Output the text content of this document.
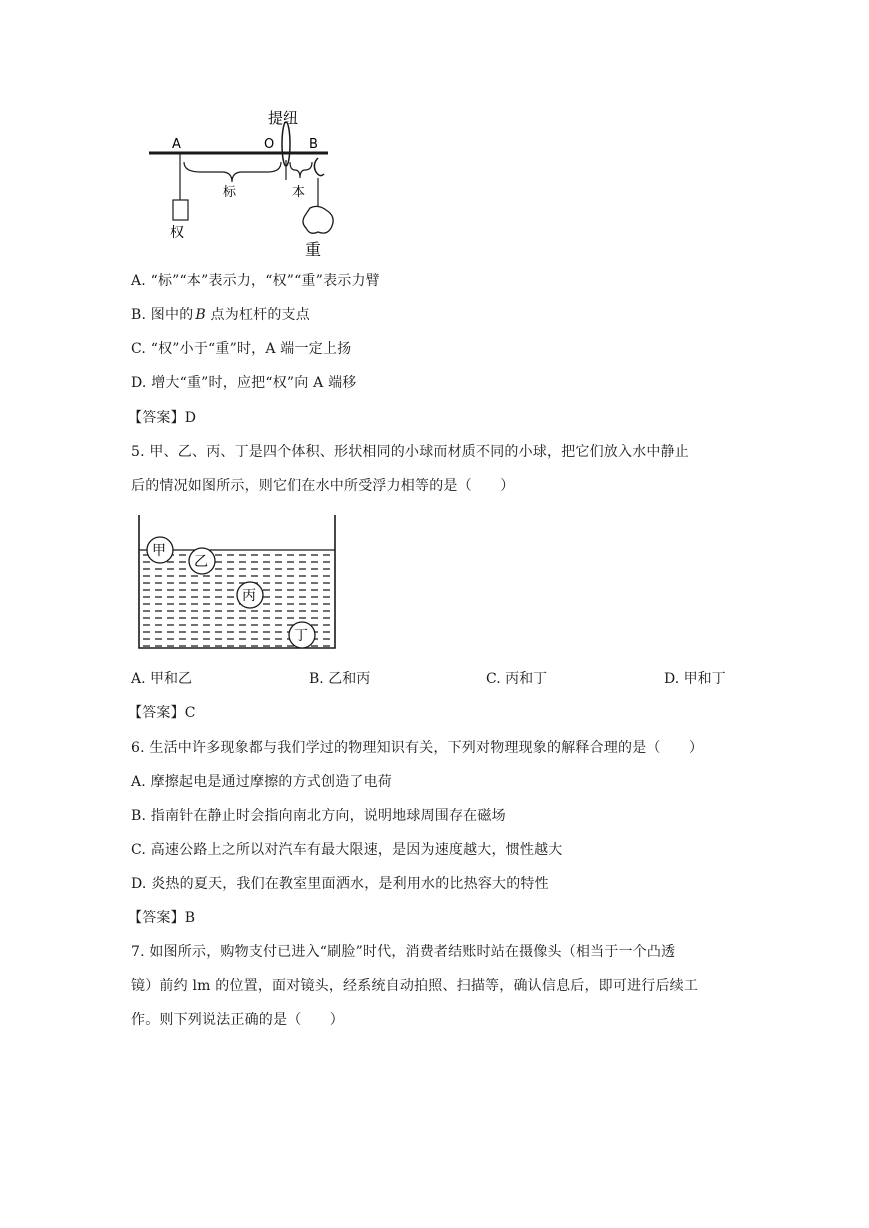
提纽
A	O	B
标	本
权
重
A. “标”“本”表示力，“权”“重”表示力臂
B. 图中的 B 点为杠杆的支点
C. “权”小于“重”时，A 端一定上扬
D. 增大“重”时，应把“权”向 A 端移
【答案】D
5. 甲、乙、丙、丁是四个体积、形状相同的小球而材质不同的小球，把它们放入水中静止
后的情况如图所示，则它们在水中所受浮力相等的是（　　）
甲
乙
丙
丁
A. 甲和乙	B. 乙和丙	C. 丙和丁	D. 甲和丁
【答案】C
6. 生活中许多现象都与我们学过的物理知识有关，下列对物理现象的解释合理的是（　　）
A. 摩擦起电是通过摩擦的方式创造了电荷
B. 指南针在静止时会指向南北方向，说明地球周围存在磁场
C. 高速公路上之所以对汽车有最大限速，是因为速度越大，惯性越大
D. 炎热的夏天，我们在教室里面洒水，是利用水的比热容大的特性
【答案】B
7. 如图所示，购物支付已进入“刷脸”时代，消费者结账时站在摄像头（相当于一个凸透
镜）前约 lm 的位置，面对镜头，经系统自动拍照、扫描等，确认信息后，即可进行后续工
作。则下列说法正确的是（　　）
